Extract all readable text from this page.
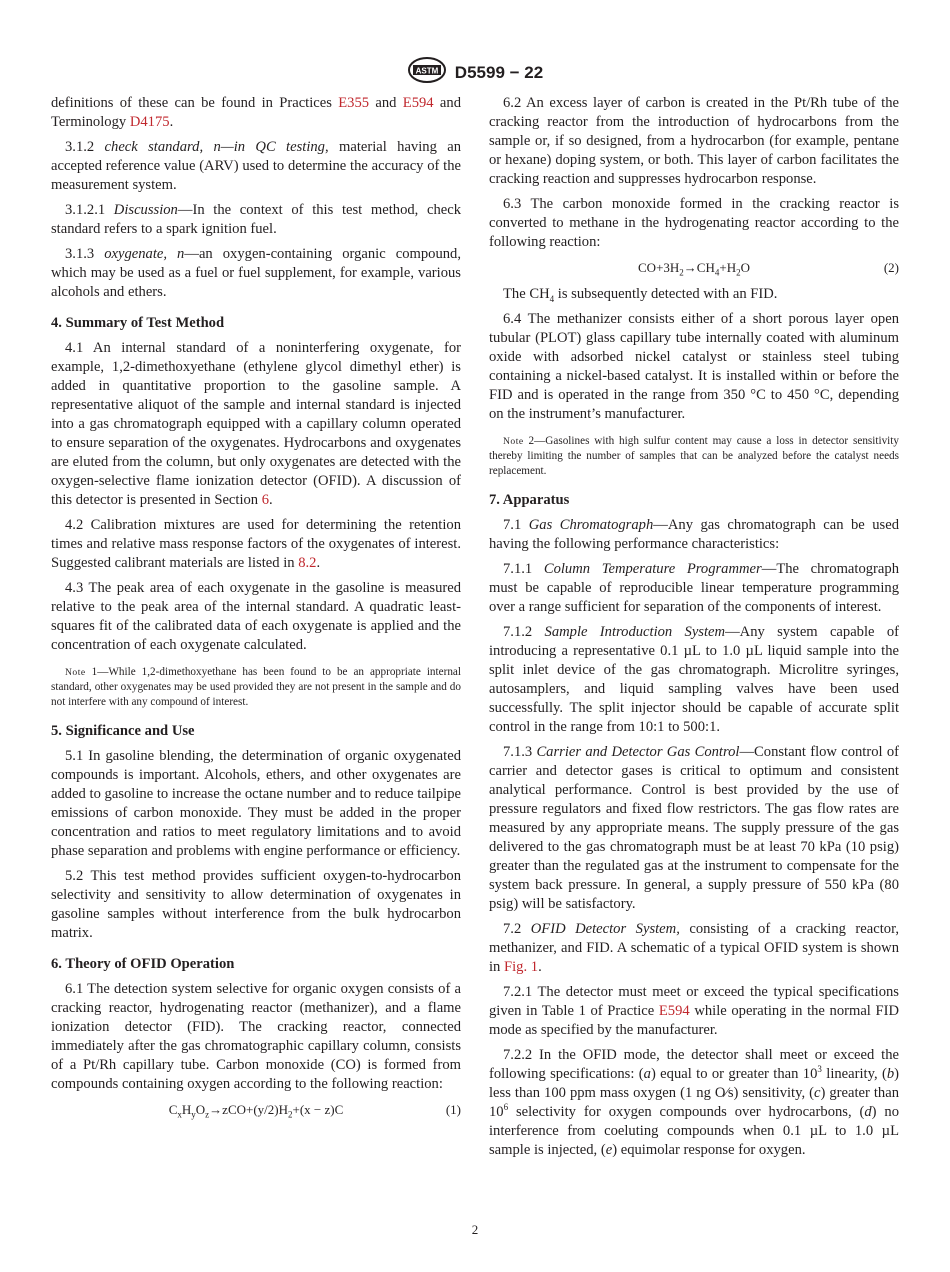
ASTM D5599 − 22

definitions of these can be found in Practices E355 and E594 and Terminology D4175.

3.1.2 check standard, n—in QC testing, material having an accepted reference value (ARV) used to determine the accuracy of the measurement system.

3.1.2.1 Discussion—In the context of this test method, check standard refers to a spark ignition fuel.

3.1.3 oxygenate, n—an oxygen-containing organic compound, which may be used as a fuel or fuel supplement, for example, various alcohols and ethers.

4. Summary of Test Method

4.1 An internal standard of a noninterfering oxygenate, for example, 1,2-dimethoxyethane (ethylene glycol dimethyl ether) is added in quantitative proportion to the gasoline sample. A representative aliquot of the sample and internal standard is injected into a gas chromatograph equipped with a capillary column operated to ensure separation of the oxygenates. Hydrocarbons and oxygenates are eluted from the column, but only oxygenates are detected with the oxygen-selective flame ionization detector (OFID). A discussion of this detector is presented in Section 6.

4.2 Calibration mixtures are used for determining the retention times and relative mass response factors of the oxygenates of interest. Suggested calibrant materials are listed in 8.2.

4.3 The peak area of each oxygenate in the gasoline is measured relative to the peak area of the internal standard. A quadratic least-squares fit of the calibrated data of each oxygenate is applied and the concentration of each oxygenate calculated.

Note 1—While 1,2-dimethoxyethane has been found to be an appropriate internal standard, other oxygenates may be used provided they are not present in the sample and do not interfere with any compound of interest.

5. Significance and Use

5.1 In gasoline blending, the determination of organic oxygenated compounds is important. Alcohols, ethers, and other oxygenates are added to gasoline to increase the octane number and to reduce tailpipe emissions of carbon monoxide. They must be added in the proper concentration and ratios to meet regulatory limitations and to avoid phase separation and problems with engine performance or efficiency.

5.2 This test method provides sufficient oxygen-to-hydrocarbon selectivity and sensitivity to allow determination of oxygenates in gasoline samples without interference from the bulk hydrocarbon matrix.

6. Theory of OFID Operation

6.1 The detection system selective for organic oxygen consists of a cracking reactor, hydrogenating reactor (methanizer), and a flame ionization detector (FID). The cracking reactor, connected immediately after the gas chromatographic capillary column, consists of a Pt/Rh capillary tube. Carbon monoxide (CO) is formed from compounds containing oxygen according to the following reaction:

$C_xH_yO_z\to zCO+(y/2)H_2+(x - z)C$	(1)

6.2 An excess layer of carbon is created in the Pt/Rh tube of the cracking reactor from the introduction of hydrocarbons from the sample or, if so designed, from a hydrocarbon (for example, pentane or hexane) doping system, or both. This layer of carbon facilitates the cracking reaction and suppresses hydrocarbon response.

6.3 The carbon monoxide formed in the cracking reactor is converted to methane in the hydrogenating reactor according to the following reaction:

$CO+3H_2\to CH_4+H_2O$	(2)

The $CH_4$ is subsequently detected with an FID.

6.4 The methanizer consists either of a short porous layer open tubular (PLOT) glass capillary tube internally coated with aluminum oxide with adsorbed nickel catalyst or stainless steel tubing containing a nickel-based catalyst. It is installed within or before the FID and is operated in the range from 350 °C to 450 °C, depending on the instrument’s manufacturer.

Note 2—Gasolines with high sulfur content may cause a loss in detector sensitivity thereby limiting the number of samples that can be analyzed before the catalyst needs replacement.

7. Apparatus

7.1 Gas Chromatograph—Any gas chromatograph can be used having the following performance characteristics:

7.1.1 Column Temperature Programmer—The chromatograph must be capable of reproducible linear temperature programming over a range sufficient for separation of the components of interest.

7.1.2 Sample Introduction System—Any system capable of introducing a representative 0.1 µL to 1.0 µL liquid sample into the split inlet device of the gas chromatograph. Microlitre syringes, autosamplers, and liquid sampling valves have been used successfully. The split injector should be capable of accurate split control in the range from 10:1 to 500:1.

7.1.3 Carrier and Detector Gas Control—Constant flow control of carrier and detector gases is critical to optimum and consistent analytical performance. Control is best provided by the use of pressure regulators and fixed flow restrictors. The gas flow rates are measured by any appropriate means. The supply pressure of the gas delivered to the gas chromatograph must be at least 70 kPa (10 psig) greater than the regulated gas at the instrument to compensate for the system back pressure. In general, a supply pressure of 550 kPa (80 psig) will be satisfactory.

7.2 OFID Detector System, consisting of a cracking reactor, methanizer, and FID. A schematic of a typical OFID system is shown in Fig. 1.

7.2.1 The detector must meet or exceed the typical specifications given in Table 1 of Practice E594 while operating in the normal FID mode as specified by the manufacturer.

7.2.2 In the OFID mode, the detector shall meet or exceed the following specifications: (a) equal to or greater than $10^3$ linearity, (b) less than 100 ppm mass oxygen (1 ng O⁄s) sensitivity, (c) greater than $10^6$ selectivity for oxygen compounds over hydrocarbons, (d) no interference from coeluting compounds when 0.1 µL to 1.0 µL sample is injected, (e) equimolar response for oxygen.

2
